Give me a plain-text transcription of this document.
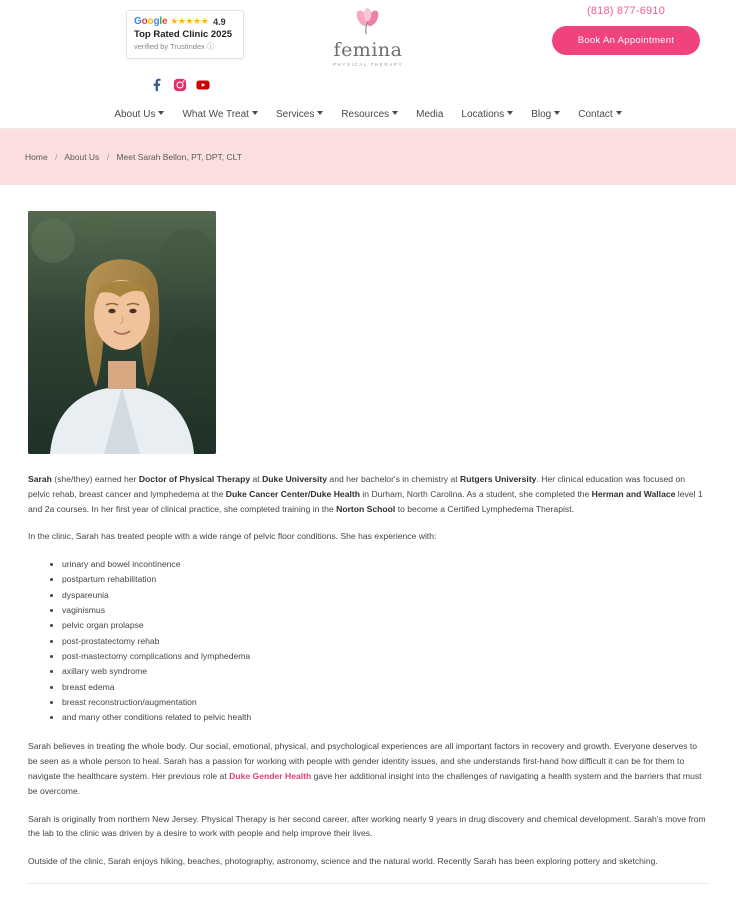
Google ★★★★★ 4.9
Top Rated Clinic 2025
verified by Trustindex ⓘ	femina
PHYSICAL THERAPY
(818) 877-6910
Book An Appointment
About Us	What We Treat	Services	Resources	Media Locations	Blog	Contact
Home / About Us / Meet Sarah Bellon, PT, DPT, CLT

Sarah (she/they) earned her Doctor of Physical Therapy at Duke University and her bachelor's in chemistry at Rutgers University. Her clinical education was focused on pelvic rehab, breast cancer and lymphedema at the Duke Cancer Center/Duke Health in Durham, North Carolina. As a student, she completed the Herman and Wallace level 1 and 2a courses. In her first year of clinical practice, she completed training in the Norton School to become a Certified Lymphedema Therapist.

In the clinic, Sarah has treated people with a wide range of pelvic floor conditions. She has experience with:

• urinary and bowel incontinence
• postpartum rehabilitation
• dyspareunia
• vaginismus
• pelvic organ prolapse
• post-prostatectomy rehab
• post-mastectomy complications and lymphedema
• axillary web syndrome
• breast edema
• breast reconstruction/augmentation
• and many other conditions related to pelvic health

Sarah believes in treating the whole body. Our social, emotional, physical, and psychological experiences are all important factors in recovery and growth. Everyone deserves to be seen as a whole person to heal. Sarah has a passion for working with people with gender identity issues, and she understands first-hand how difficult it can be for them to navigate the healthcare system. Her previous role at Duke Gender Health gave her additional insight into the challenges of navigating a health system and the barriers that must be overcome.

Sarah is originally from northern New Jersey. Physical Therapy is her second career, after working nearly 9 years in drug discovery and chemical development. Sarah's move from the lab to the clinic was driven by a desire to work with people and help improve their lives.

Outside of the clinic, Sarah enjoys hiking, beaches, photography, astronomy, science and the natural world. Recently Sarah has been exploring pottery and sketching.
